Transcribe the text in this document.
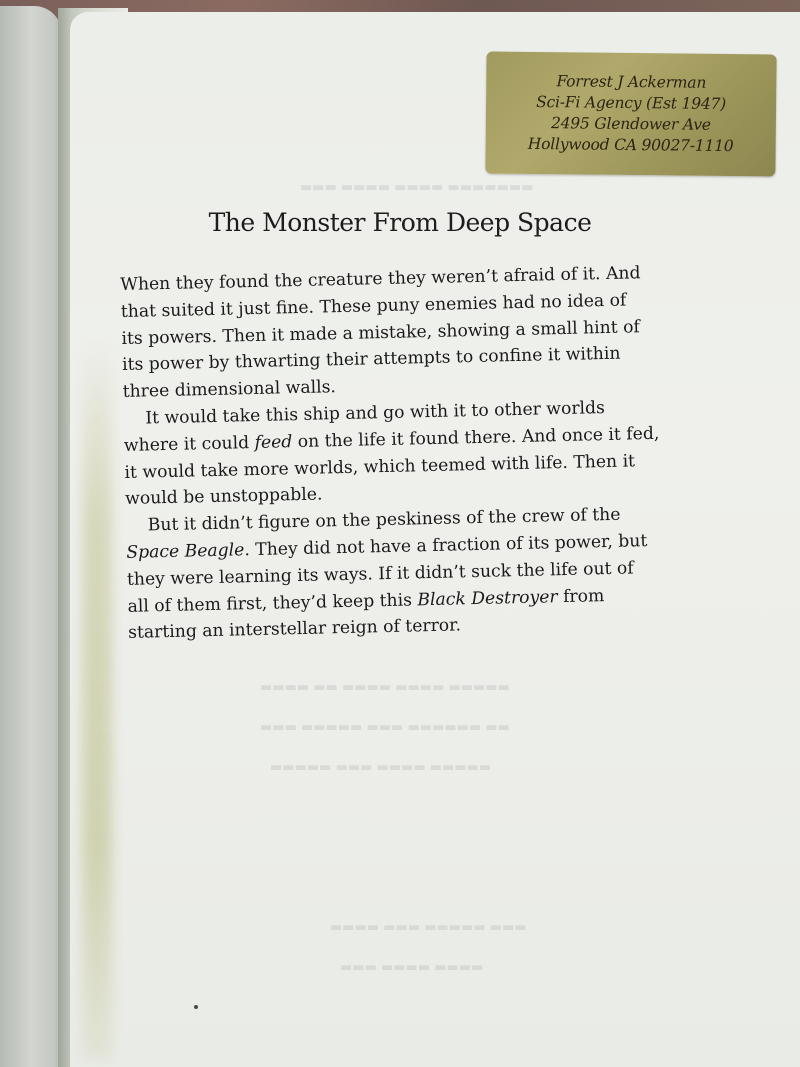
▬▬▬ ▬▬▬▬ ▬▬▬▬ ▬▬▬▬▬▬▬
▬▬▬▬ ▬▬ ▬▬▬▬ ▬▬▬▬ ▬▬▬▬▬
▬▬▬ ▬▬▬▬▬ ▬▬▬ ▬▬▬▬▬▬ ▬▬
▬▬▬▬▬ ▬▬▬ ▬▬▬▬ ▬▬▬▬▬
▬▬▬▬ ▬▬▬ ▬▬▬▬▬ ▬▬▬
▬▬▬ ▬▬▬▬ ▬▬▬▬
Forrest J Ackerman
Sci-Fi Agency (Est 1947)
2495 Glendower Ave
Hollywood CA 90027-1110
The Monster From Deep Space
When they found the creature they weren’t afraid of it. And
that suited it just fine. These puny enemies had no idea of
its powers. Then it made a mistake, showing a small hint of
its power by thwarting their attempts to confine it within
three dimensional walls.
It would take this ship and go with it to other worlds
where it could feed on the life it found there. And once it fed,
it would take more worlds, which teemed with life. Then it
would be unstoppable.
But it didn’t figure on the peskiness of the crew of the
Space Beagle. They did not have a fraction of its power, but
they were learning its ways. If it didn’t suck the life out of
all of them first, they’d keep this Black Destroyer from
starting an interstellar reign of terror.
